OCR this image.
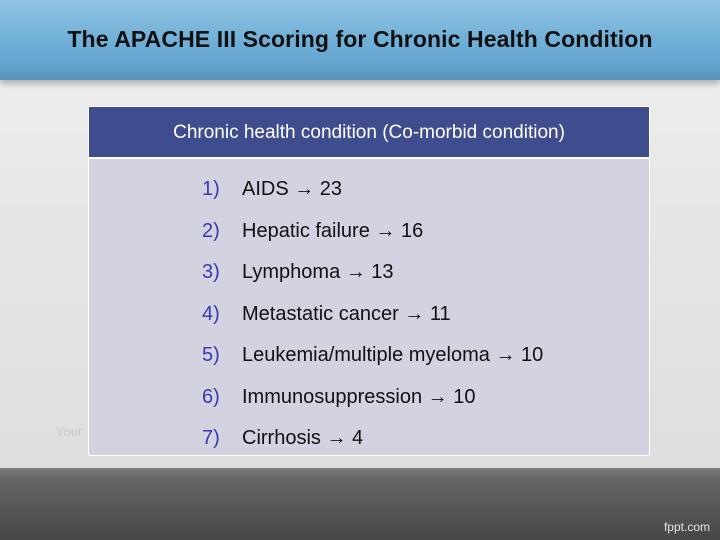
The APACHE III Scoring for Chronic Health Condition
Your
Chronic health condition (Co-morbid condition)
1) AIDS → 23
2) Hepatic failure → 16
3) Lymphoma → 13
4) Metastatic cancer → 11
5) Leukemia/multiple myeloma → 10
6) Immunosuppression → 10
7) Cirrhosis → 4
fppt.com
